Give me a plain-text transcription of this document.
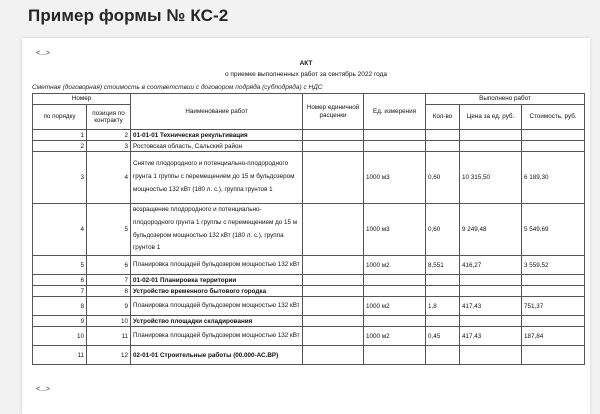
Пример формы № КС-2
<...>
АКТ
о приемке выполненных работ за сентябрь 2022 года
Сметная (договорная) стоимость в соответствии с договором подряда (субподряда) с НДС
Номер		Наименование работ	Номер единичной расценки	Ед. измерения	Выполнено работ		
по порядку	позиция по контракту				Кол-во	Цена за ед. руб.	Стоимость, руб.
1	2	01-01-01 Техническая рекультивация					
2	3	Ростовская область, Сальский район					
3	4	Снятие плодородного и потенциально-плодородного грунта 1 группы с перемещением до 15 м бульдозером мощностью 132 кВт (180 л. с.), группа грунтов 1		1000 м3	0,60	10 315,50	6 189,30
4	5	возращение плодородного и потенциально-плодородного грунта 1 группы с перемещением до 15 м бульдозером мощностью 132 кВт (180 л. с.), группа грунтов 1		1000 м3	0,60	9 249,48	5 549,69
5	6	Планировка площадей бульдозером мощностью 132 кВт		1000 м2	8,551	416,27	3 559,52
6	7	01-02-01 Планировка территории					
7	8	Устройство временного бытового городка					
8	9	Планировка площадей бульдозером мощностью 132 кВт		1000 м2	1,8	417,43	751,37
9	10	Устройство площадки складирования					
10	11	Планировка площадей бульдозером мощностью 132 кВт		1000 м2	0,45	417,43	187,84
11	12	02-01-01 Строительные работы (00.000-АС.ВР)					
<...>
